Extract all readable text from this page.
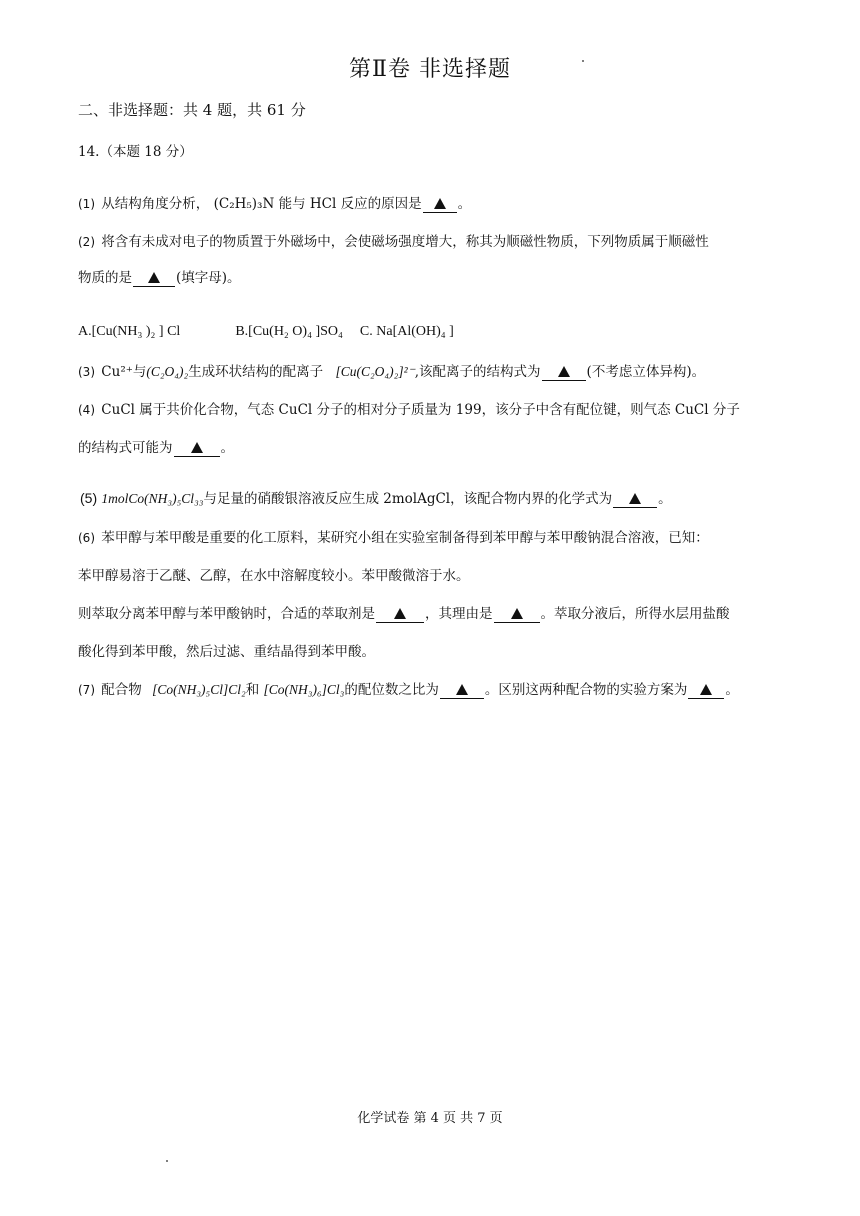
第Ⅱ卷 非选择题
二、非选择题：共 4 题，共 61 分
14.（本题 18 分）
(1) 从结构角度分析， (C₂H₅)₃N 能与 HCl 反应的原因是	。
(2) 将含有未成对电子的物质置于外磁场中，会使磁场强度增大，称其为顺磁性物质，下列物质属于顺磁性
物质的是	(填字母)。
A.[Cu(NH₃ )₂ ] Cl	B.[Cu(H₂ O)₄ ]SO₄ C. Na[Al(OH)₄ ]
(3) Cu²⁺与(C₂O₄)₂生成环状结构的配离子 [Cu(C₂O₄)₂]²⁻,该配离子的结构式为	(不考虑立体异构)。
(4) CuCl 属于共价化合物，气态 CuCl 分子的相对分子质量为 199，该分子中含有配位键，则气态 CuCl 分子
的结构式可能为	。
(5) 1molCo(NH₃)₅Cl₃₃与足量的硝酸银溶液反应生成 2molAgCl，该配合物内界的化学式为	。
(6) 苯甲醇与苯甲酸是重要的化工原料，某研究小组在实验室制备得到苯甲醇与苯甲酸钠混合溶液，已知：
苯甲醇易溶于乙醚、乙醇，在水中溶解度较小。苯甲酸微溶于水。
则萃取分离苯甲醇与苯甲酸钠时，合适的萃取剂是	，其理由是	。萃取分液后，所得水层用盐酸
酸化得到苯甲酸，然后过滤、重结晶得到苯甲酸。
(7) 配合物 [Co(NH₃)₅Cl]Cl₂和 [Co(NH₃)₆]Cl₃的配位数之比为	。区别这两种配合物的实验方案为	。
化学试卷 第 4 页 共 7 页
